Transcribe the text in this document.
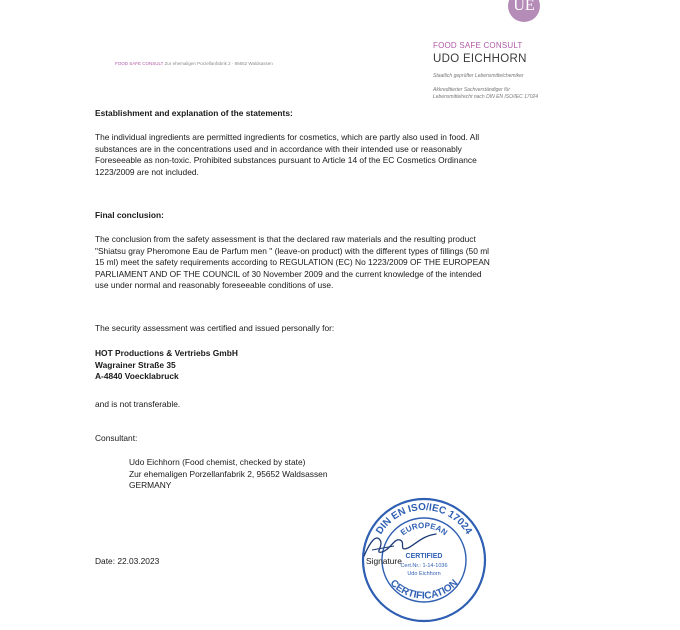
UE
FOOD SAFE CONSULT Zur ehemaligen Porzellanfabrik 2 · 95652 Waldsassen
FOOD SAFE CONSULT
UDO EICHHORN
Staatlich geprüfter Lebensmittelchemiker
Akkreditierter Sachverständiger für
Lebensmittelrecht nach DIN EN ISO/IEC 17024
Establishment and explanation of the statements:
The individual ingredients are permitted ingredients for cosmetics, which are partly also used in food. All
substances are in the concentrations used and in accordance with their intended use or reasonably
Foreseeable as non-toxic. Prohibited substances pursuant to Article 14 of the EC Cosmetics Ordinance
1223/2009 are not included.
Final conclusion:
The conclusion from the safety assessment is that the declared raw materials and the resulting product
"Shiatsu gray Pheromone Eau de Parfum men " (leave-on product) with the different types of fillings (50 ml
15 ml) meet the safety requirements according to REGULATION (EC) No 1223/2009 OF THE EUROPEAN
PARLIAMENT AND OF THE COUNCIL of 30 November 2009 and the current knowledge of the intended
use under normal and reasonably foreseeable conditions of use.
The security assessment was certified and issued personally for:
HOT Productions & Vertriebs GmbH
Wagrainer Straße 35
A-4840 Voecklabruck
and is not transferable.
Consultant:
Udo Eichhorn (Food chemist, checked by state)
Zur ehemaligen Porzellanfabrik 2, 95652 Waldsassen
GERMANY
Date: 22.03.2023
DIN EN ISO/IEC 17024
EUROPEAN
CERTIFIED
Cert.Nr.: 1-14-1036
Udo Eichhorn
CERTIFICATION
Signature
